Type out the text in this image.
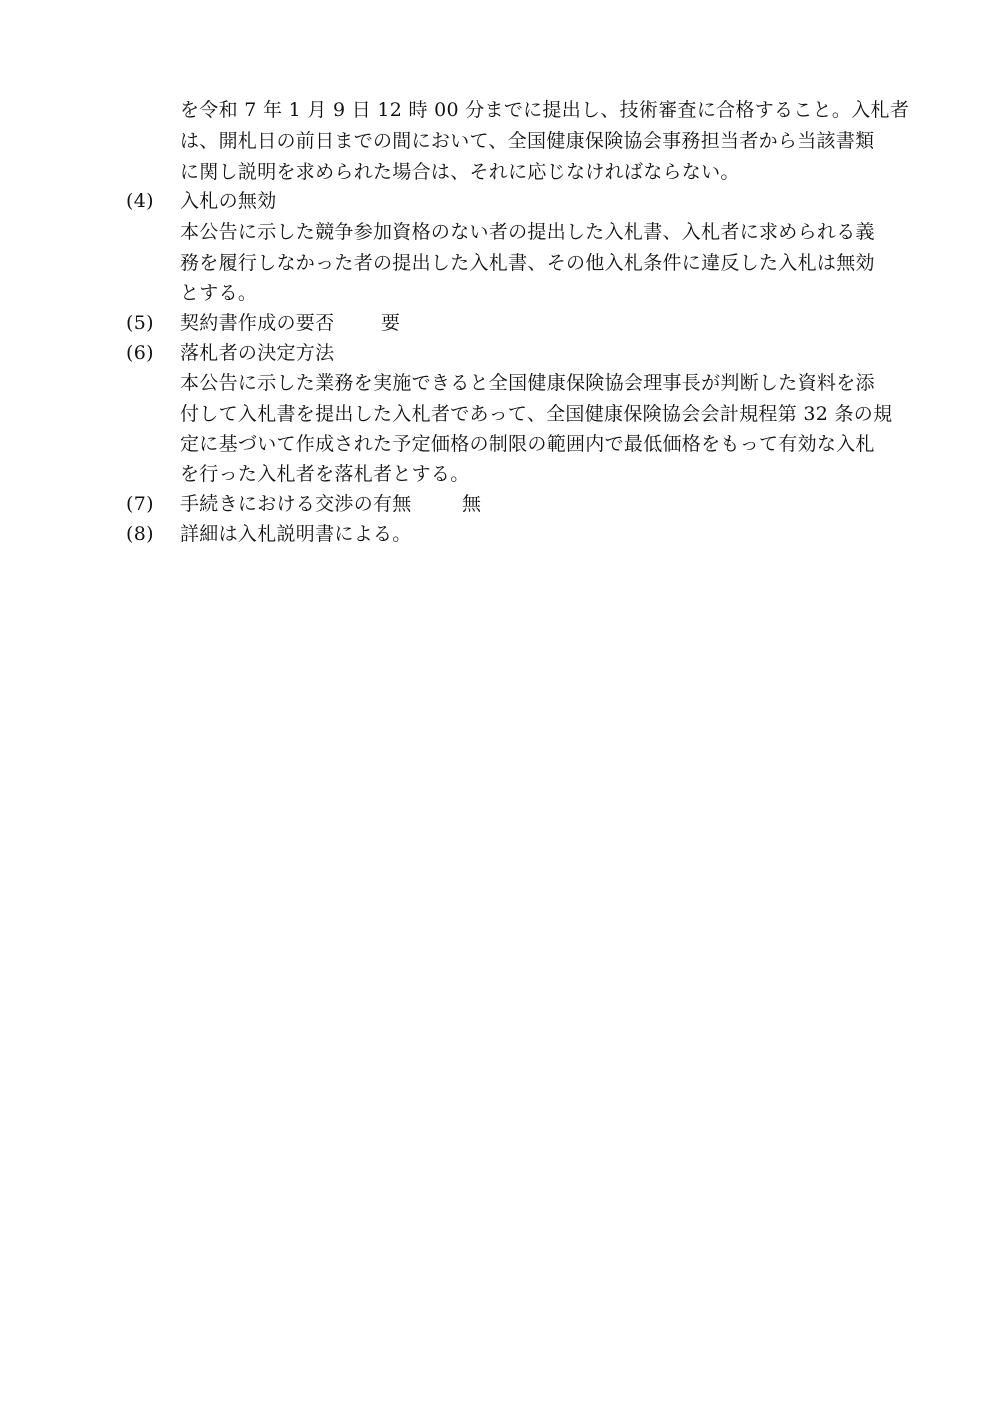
を令和 7 年 1 月 9 日 12 時 00 分までに提出し、技術審査に合格すること。入札者
は、開札日の前日までの間において、全国健康保険協会事務担当者から当該書類
に関し説明を求められた場合は、それに応じなければならない。
(4) 入札の無効
本公告に示した競争参加資格のない者の提出した入札書、入札者に求められる義
務を履行しなかった者の提出した入札書、その他入札条件に違反した入札は無効
とする。
(5) 契約書作成の要否 要
(6) 落札者の決定方法
本公告に示した業務を実施できると全国健康保険協会理事長が判断した資料を添
付して入札書を提出した入札者であって、全国健康保険協会会計規程第 32 条の規
定に基づいて作成された予定価格の制限の範囲内で最低価格をもって有効な入札
を行った入札者を落札者とする。
(7) 手続きにおける交渉の有無	無
(8) 詳細は入札説明書による。
